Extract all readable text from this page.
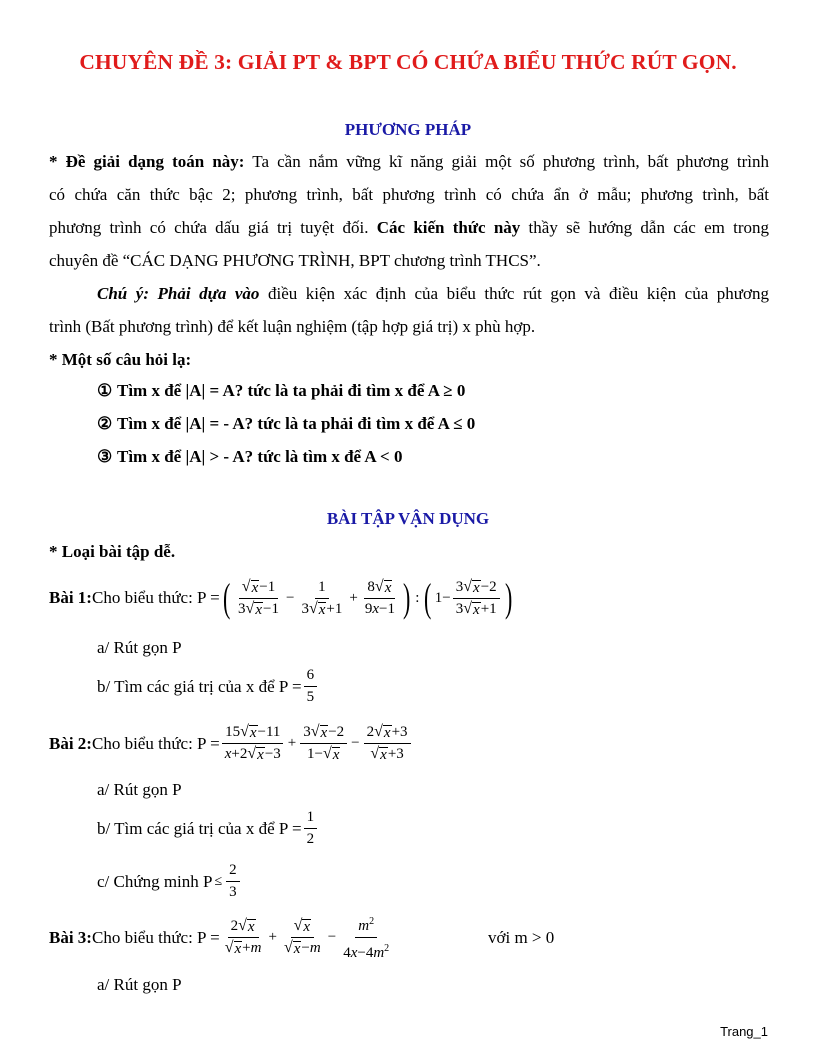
CHUYÊN ĐỀ 3: GIẢI PT & BPT CÓ CHỨA BIỂU THỨC RÚT GỌN.
PHƯƠNG PHÁP
* Đề giải dạng toán này: Ta cần nắm vững kĩ năng giải một số phương trình, bất phương trình
có chứa căn thức bậc 2; phương trình, bất phương trình có chứa ẩn ở mẫu; phương trình, bất
phương trình có chứa dấu giá trị tuyệt đối. Các kiến thức này thầy sẽ hướng dẫn các em trong
chuyên đề “CÁC DẠNG PHƯƠNG TRÌNH, BPT chương trình THCS”.
Chú ý: Phải dựa vào điều kiện xác định của biểu thức rút gọn và điều kiện của phương
trình (Bất phương trình) để kết luận nghiệm (tập hợp giá trị) x phù hợp.
* Một số câu hỏi lạ:
① Tìm x để |A| = A? tức là ta phải đi tìm x để A ≥ 0
② Tìm x để |A| = - A? tức là ta phải đi tìm x để A ≤ 0
③ Tìm x để |A| > - A? tức là tìm x để A < 0
BÀI TẬP VẬN DỤNG
* Loại bài tập dễ.
Bài 1: Cho biểu thức: P = ( $\frac{√ x -1}{3 √ x -1} - \frac{1}{3 √ x +1} + \frac{8 √ x}{9x-1}$ ) : ( $1- \frac{3 √ x -2}{3 √ x +1}$ )
a/ Rút gọn P
b/ Tìm các giá trị của x để $P = \frac{6}{5}$
Bài 2: Cho biểu thức: $P = \frac{15 √ x -11}{x+2 √ x -3} + \frac{3 √ x -2}{1- √ x} - \frac{2 √ x +3}{√ x +3}$
a/ Rút gọn P
b/ Tìm các giá trị của x để $P = \frac{1}{2}$
c/ Chứng minh $P \le \frac{2}{3}$
Bài 3: Cho biểu thức: $P = \frac{2 √ x}{√ x +m} + \frac{√ x}{√ x -m} - \frac{m^2}{4x-4m^2}$	với m > 0
a/ Rút gọn P
Trang_1
